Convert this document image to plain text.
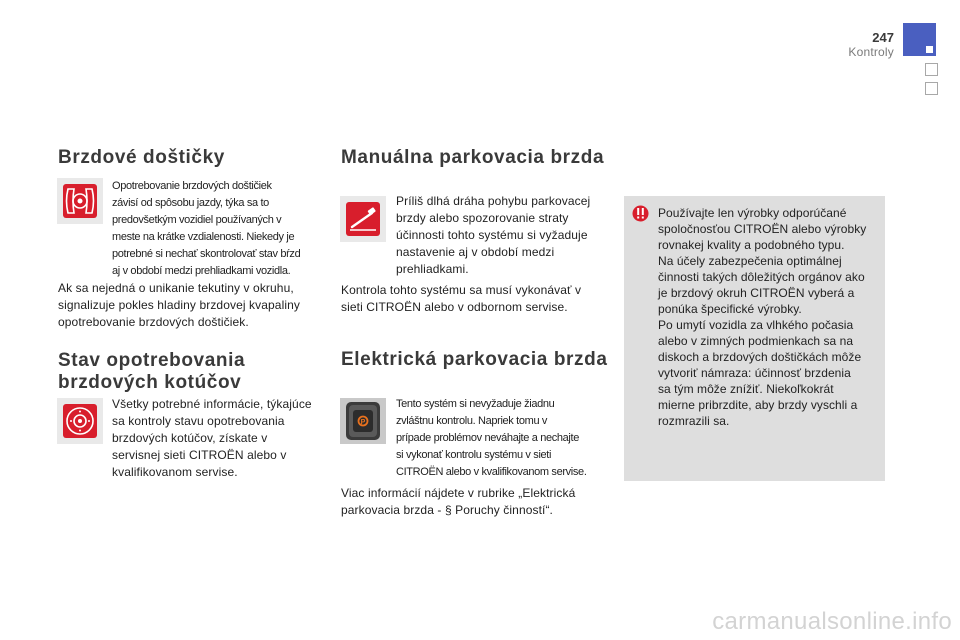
247
Kontroly
Brzdové doštičky
Opotrebovanie brzdových doštičiek
závisí od spôsobu jazdy, týka sa to
predovšetkým vozidiel používaných v
meste na krátke vzdialenosti. Niekedy je
potrebné si nechať skontrolovať stav bŕzd
aj v období medzi prehliadkami vozidla.
Ak sa nejedná o unikanie tekutiny v okruhu,
signalizuje pokles hladiny brzdovej kvapaliny
opotrebovanie brzdových doštičiek.
Stav opotrebovania
brzdových kotúčov
Všetky potrebné informácie, týkajúce
sa kontroly stavu opotrebovania
brzdových kotúčov, získate v
servisnej sieti CITROËN alebo v
kvalifikovanom servise.
Manuálna parkovacia brzda
Príliš dlhá dráha pohybu parkovacej
brzdy alebo spozorovanie straty
účinnosti tohto systému si vyžaduje
nastavenie aj v období medzi
prehliadkami.
Kontrola tohto systému sa musí vykonávať v
sieti CITROËN alebo v odbornom servise.
Elektrická parkovacia brzda
P
Tento systém si nevyžaduje žiadnu
zvláštnu kontrolu. Napriek tomu v
prípade problémov neváhajte a nechajte
si vykonať kontrolu systému v sieti
CITROËN alebo v kvalifikovanom servise.
Viac informácií nájdete v rubrike „Elektrická
parkovacia brzda - § Poruchy činností“.
Používajte len výrobky odporúčané
spoločnosťou CITROËN alebo výrobky
rovnakej kvality a podobného typu.
Na účely zabezpečenia optimálnej
činnosti takých dôležitých orgánov ako
je brzdový okruh CITROËN vyberá a
ponúka špecifické výrobky.
Po umytí vozidla za vlhkého počasia
alebo v zimných podmienkach sa na
diskoch a brzdových doštičkách môže
vytvoriť námraza: účinnosť brzdenia
sa tým môže znížiť. Niekoľkokrát
mierne pribrzdite, aby brzdy vyschli a
rozmrazili sa.
carmanualsonline.info
